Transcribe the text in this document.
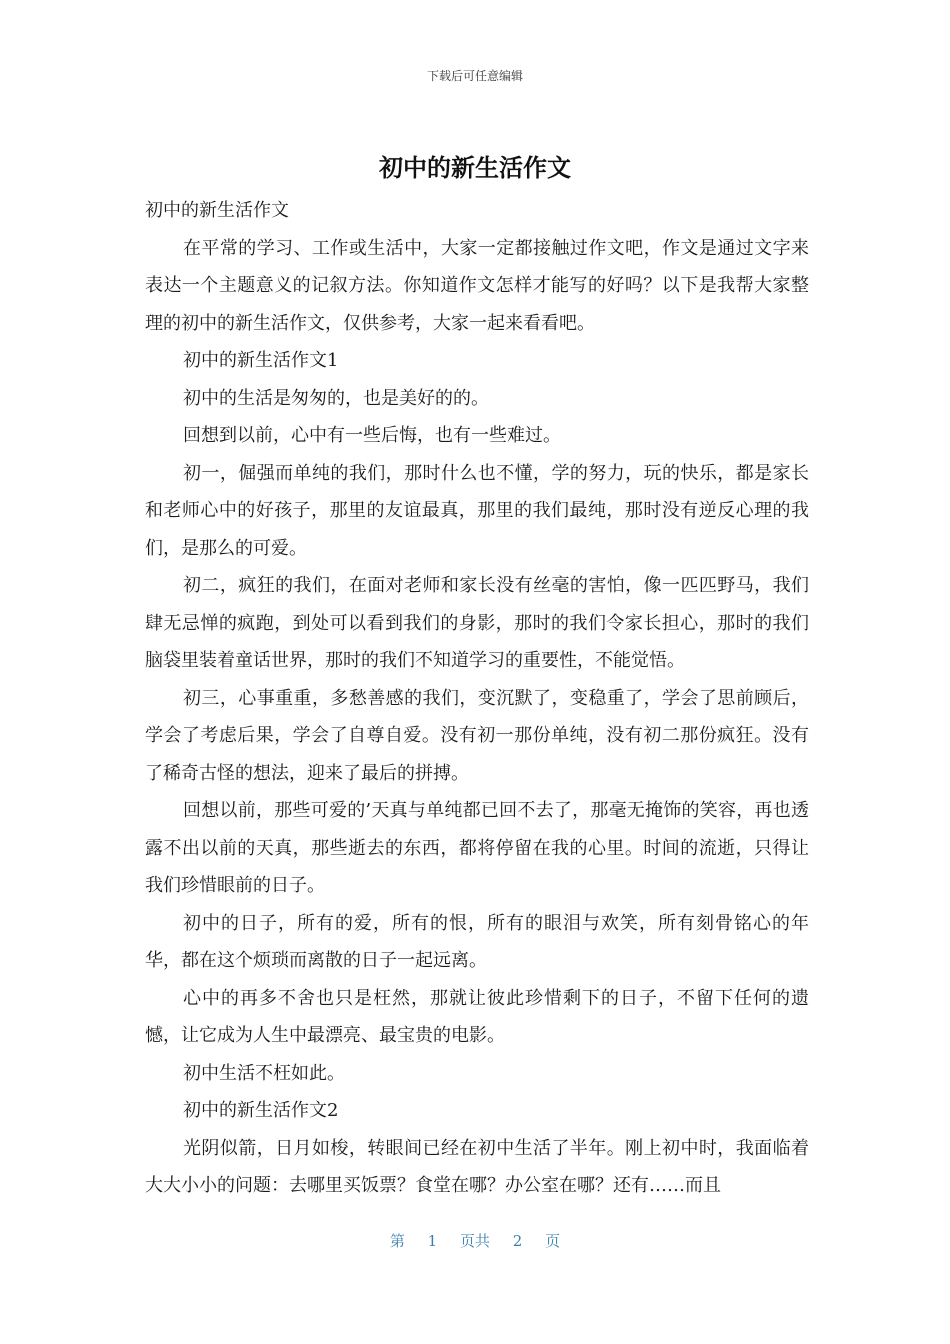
下载后可任意编辑
初中的新生活作文

初中的新生活作文

在平常的学习、工作或生活中，大家一定都接触过作文吧，作文是通过文字来表达一个主题意义的记叙方法。你知道作文怎样才能写的好吗？以下是我帮大家整理的初中的新生活作文，仅供参考，大家一起来看看吧。

初中的新生活作文1

初中的生活是匆匆的，也是美好的的。

回想到以前，心中有一些后悔，也有一些难过。

初一，倔强而单纯的我们，那时什么也不懂，学的努力，玩的快乐，都是家长和老师心中的好孩子，那里的友谊最真，那里的我们最纯，那时没有逆反心理的我们，是那么的可爱。

初二，疯狂的我们，在面对老师和家长没有丝毫的害怕，像一匹匹野马，我们肆无忌惮的疯跑，到处可以看到我们的身影，那时的我们令家长担心，那时的我们脑袋里装着童话世界，那时的我们不知道学习的重要性，不能觉悟。

初三，心事重重，多愁善感的我们，变沉默了，变稳重了，学会了思前顾后，学会了考虑后果，学会了自尊自爱。没有初一那份单纯，没有初二那份疯狂。没有了稀奇古怪的想法，迎来了最后的拼搏。

回想以前，那些可爱的’天真与单纯都已回不去了，那毫无掩饰的笑容，再也透露不出以前的天真，那些逝去的东西，都将停留在我的心里。时间的流逝，只得让我们珍惜眼前的日子。

初中的日子，所有的爱，所有的恨，所有的眼泪与欢笑，所有刻骨铭心的年华，都在这个烦琐而离散的日子一起远离。

心中的再多不舍也只是枉然，那就让彼此珍惜剩下的日子，不留下任何的遗憾，让它成为人生中最漂亮、最宝贵的电影。

初中生活不枉如此。

初中的新生活作文2

光阴似箭，日月如梭，转眼间已经在初中生活了半年。刚上初中时，我面临着大大小小的问题：去哪里买饭票？食堂在哪？办公室在哪？还有……而且

第 1 页共 2 页
